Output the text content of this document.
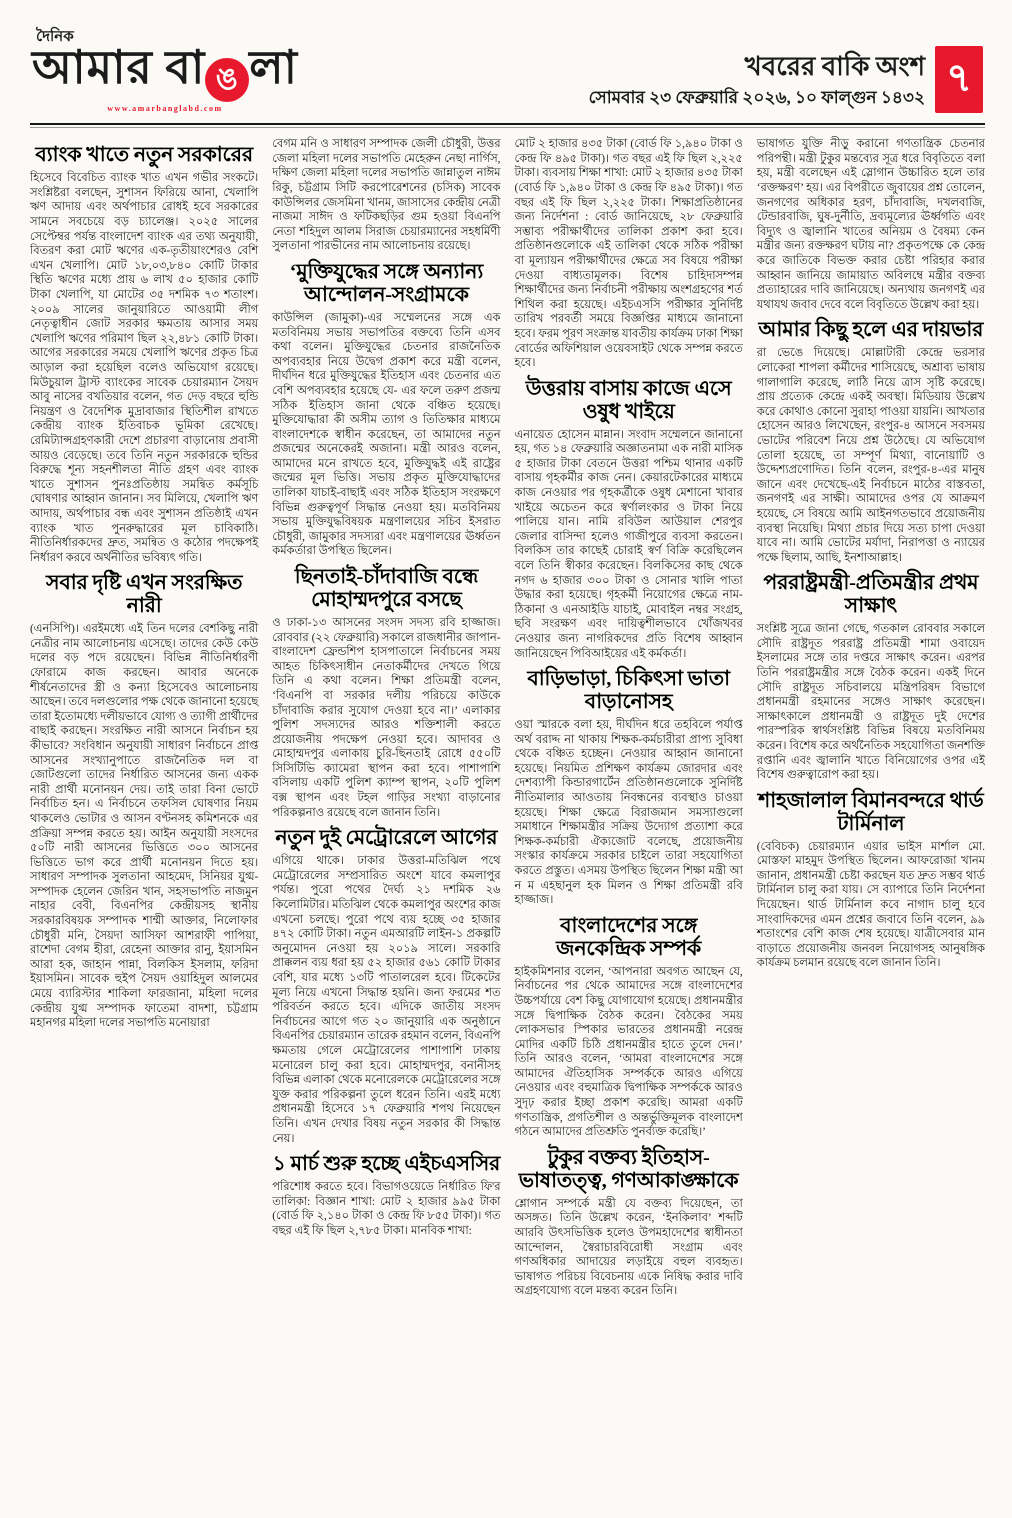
দৈনিক
আমার বা ঙ লা
www.amarbanglabd.com
খবরের বাকি অংশ
সোমবার ২৩ ফেব্রুয়ারি ২০২৬, ১০ ফাল্গুন ১৪৩২ ৭
ব্যাংক খাতে নতুন সরকারের
হিসেবে বিবেচিত ব্যাংক খাত এখন গভীর সংকটে। সংশ্লিষ্টরা বলছেন, সুশাসন ফিরিয়ে আনা, খেলাপি ঋণ আদায় এবং অর্থপাচার রোধই হবে সরকারের সামনে সবচেয়ে বড় চ্যালেঞ্জ। ২০২৫ সালের সেপ্টেম্বর পর্যন্ত বাংলাদেশ ব্যাংক এর তথ্য অনুযায়ী, বিতরণ করা মোট ঋণের এক-তৃতীয়াংশেরও বেশি এখন খেলাপি। মোট ১৮,০৩,৮৪০ কোটি টাকার স্থিতি ঋণের মধ্যে প্রায় ৬ লাখ ৫০ হাজার কোটি টাকা খেলাপি, যা মোটের ৩৫ দশমিক ৭৩ শতাংশ। ২০০৯ সালের জানুয়ারিতে আওয়ামী লীগ নেতৃত্বাধীন জোট সরকার ক্ষমতায় আসার সময় খেলাপি ঋণের পরিমাণ ছিল ২২,৪৮১ কোটি টাকা। আগের সরকারের সময়ে খেলাপি ঋণের প্রকৃত চিত্র আড়াল করা হয়েছিল বলেও অভিযোগ রয়েছে। মিউচুয়াল ট্রাস্ট ব্যাংকের সাবেক চেয়ারম্যান সৈয়দ আবু নাসের বখতিয়ার বলেন, গত দেড় বছরে হুন্ডি নিয়ন্ত্রণ ও বৈদেশিক মুদ্রাবাজার স্থিতিশীল রাখতে কেন্দ্রীয় ব্যাংক ইতিবাচক ভূমিকা রেখেছে। রেমিট্যান্সগ্রহণকারী দেশে প্রচারণা বাড়ানোয় প্রবাসী আয়ও বেড়েছে। তবে তিনি নতুন সরকারকে হুন্ডির বিরুদ্ধে শূন্য সহনশীলতা নীতি গ্রহণ এবং ব্যাংক খাতে সুশাসন পুনঃপ্রতিষ্ঠায় সমন্বিত কর্মসূচি ঘোষণার আহ্বান জানান। সব মিলিয়ে, খেলাপি ঋণ আদায়, অর্থপাচার বন্ধ এবং সুশাসন প্রতিষ্ঠাই এখন ব্যাংক খাত পুনরুদ্ধারের মূল চাবিকাঠি। নীতিনির্ধারকদের দ্রুত, সমন্বিত ও কঠোর পদক্ষেপই নির্ধারণ করবে অর্থনীতির ভবিষ্যৎ গতি।
সবার দৃষ্টি এখন সংরক্ষিত নারী
(এনসিপি)। এরইমধ্যে এই তিন দলের বেশকিছু নারী নেত্রীর নাম আলোচনায় এসেছে। তাদের কেউ কেউ দলের বড় পদে রয়েছেন। বিভিন্ন নীতিনির্ধারণী ফোরামে কাজ করছেন। আবার অনেকে শীর্ষনেতাদের স্ত্রী ও কন্যা হিসেবেও আলোচনায় আছেন। তবে দলগুলোর পক্ষ থেকে জানানো হয়েছে তারা ইতোমধ্যে দলীয়ভাবে যোগ্য ও ত্যাগী প্রার্থীদের বাছাই করছেন। সংরক্ষিত নারী আসনে নির্বাচন হয় কীভাবে? সংবিধান অনুযায়ী সাধারণ নির্বাচনে প্রাপ্ত আসনের সংখ্যানুপাতে রাজনৈতিক দল বা জোটগুলো তাদের নির্ধারিত আসনের জন্য একক নারী প্রার্থী মনোনয়ন দেয়। তাই তারা বিনা ভোটে নির্বাচিত হন। এ নির্বাচনে তফসিল ঘোষণার নিয়ম থাকলেও ভোটার ও আসন বণ্টনসহ কমিশনকে এর প্রক্রিয়া সম্পন্ন করতে হয়। আইন অনুযায়ী সংসদের ৫০টি নারী আসনের ভিত্তিতে ৩০০ আসনের ভিত্তিতে ভাগ করে প্রার্থী মনোনয়ন দিতে হয়। সাধারণ সম্পাদক সুলতানা আহমেদ, সিনিয়র যুগ্ম-সম্পাদক হেলেন জেরিন খান, সহসভাপতি নাজমুন নাহার বেবী, বিএনপির কেন্দ্রীয়সহ স্থানীয় সরকারবিষয়ক সম্পাদক শাম্মী আক্তার, নিলোফার চৌধুরী মনি, সৈয়দা আসিফা আশরাফী পাপিয়া, রাশেদা বেগম হীরা, রেহেনা আক্তার রানু, ইয়াসমিন আরা হক, জাহান পান্না, বিলকিস ইসলাম, ফরিদা ইয়াসমিন। সাবেক হুইপ সৈয়দ ওয়াহিদুল আলমের মেয়ে ব্যারিস্টার শাকিলা ফারজানা, মহিলা দলের কেন্দ্রীয় যুগ্ম সম্পাদক ফাতেমা বাদশা, চট্টগ্রাম মহানগর মহিলা দলের সভাপতি মনোয়ারা
বেগম মনি ও সাধারণ সম্পাদক জেলী চৌধুরী, উত্তর জেলা মহিলা দলের সভাপতি মেহেরুন নেছা নার্গিস, দক্ষিণ জেলা মহিলা দলের সভাপতি জান্নাতুল নাঈম রিকু, চট্টগ্রাম সিটি করপোরেশনের (চসিক) সাবেক কাউন্সিলর জেসমিনা খানম, জাসাসের কেন্দ্রীয় নেত্রী নাজমা সাঈদ ও ফটিকছড়ির গুম হওয়া বিএনপি নেতা শহিদুল আলম সিরাজ চেয়ারম্যানের সহধর্মিণী সুলতানা পারভীনের নাম আলোচনায় রয়েছে।
‘মুক্তিযুদ্ধের সঙ্গে অন্যান্য আন্দোলন-সংগ্রামকে
কাউন্সিল (জামুকা)-এর সম্মেলনের সঙ্গে এক মতবিনিময় সভায় সভাপতির বক্তব্যে তিনি এসব কথা বলেন। মুক্তিযুদ্ধের চেতনার রাজনৈতিক অপব্যবহার নিয়ে উদ্বেগ প্রকাশ করে মন্ত্রী বলেন, দীর্ঘদিন ধরে মুক্তিযুদ্ধের ইতিহাস এবং চেতনার এত বেশি অপব্যবহার হয়েছে যে- এর ফলে তরুণ প্রজন্ম সঠিক ইতিহাস জানা থেকে বঞ্চিত হয়েছে। মুক্তিযোদ্ধারা কী অসীম ত্যাগ ও তিতিক্ষার মাধ্যমে বাংলাদেশকে স্বাধীন করেছেন, তা আমাদের নতুন প্রজন্মের অনেকেরই অজানা। মন্ত্রী আরও বলেন, আমাদের মনে রাখতে হবে, মুক্তিযুদ্ধই এই রাষ্ট্রের জন্মের মূল ভিত্তি। সভায় প্রকৃত মুক্তিযোদ্ধাদের তালিকা যাচাই-বাছাই এবং সঠিক ইতিহাস সংরক্ষণে বিভিন্ন গুরুত্বপূর্ণ সিদ্ধান্ত নেওয়া হয়। মতবিনিময় সভায় মুক্তিযুদ্ধবিষয়ক মন্ত্রণালয়ের সচিব ইসরাত চৌধুরী, জামুকার সদস্যরা এবং মন্ত্রণালয়ের ঊর্ধ্বতন কর্মকর্তারা উপস্থিত ছিলেন।
ছিনতাই-চাঁদাবাজি বন্ধে মোহাম্মদপুরে বসছে
ও ঢাকা-১৩ আসনের সংসদ সদস্য রবি হাজ্জাজ। রোববার (২২ ফেব্রুয়ারি) সকালে রাজধানীর জাপান-বাংলাদেশ ফ্রেন্ডশিপ হাসপাতালে নির্বাচনের সময় আহত চিকিৎসাধীন নেতাকর্মীদের দেখতে গিয়ে তিনি এ কথা বলেন। শিক্ষা প্রতিমন্ত্রী বলেন, ‘বিএনপি বা সরকার দলীয় পরিচয়ে কাউকে চাঁদাবাজি করার সুযোগ দেওয়া হবে না।’ এলাকার পুলিশ সদস্যদের আরও শক্তিশালী করতে প্রয়োজনীয় পদক্ষেপ নেওয়া হবে। আদাবর ও মোহাম্মদপুর এলাকায় চুরি-ছিনতাই রোধে ৫৫০টি সিসিটিভি ক্যামেরা স্থাপন করা হবে। পাশাপাশি বসিলায় একটি পুলিশ ক্যাম্প স্থাপন, ২০টি পুলিশ বক্স স্থাপন এবং টহল গাড়ির সংখ্যা বাড়ানোর পরিকল্পনাও রয়েছে বলে জানান তিনি।
নতুন দুই মেট্রোরেলে আগের
এগিয়ে থাকে। ঢাকার উত্তরা-মতিঝিল পথে মেট্রোরেলের সম্প্রসারিত অংশে যাবে কমলাপুর পর্যন্ত। পুরো পথের দৈর্ঘ্য ২১ দশমিক ২৬ কিলোমিটার। মতিঝিল থেকে কমলাপুর অংশের কাজ এখনো চলছে। পুরো পথে ব্যয় হচ্ছে ৩৫ হাজার ৪৭২ কোটি টাকা। নতুন এমআরটি লাইন-১ প্রকল্পটি অনুমোদন নেওয়া হয় ২০১৯ সালে। সরকারি প্রাক্কলন ব্যয় ধরা হয় ৫২ হাজার ৫৬১ কোটি টাকার বেশি, যার মধ্যে ১৩টি পাতালরেল হবে। টিকেটের মূল্য নিয়ে এখনো সিদ্ধান্ত হয়নি। জন্য ফরমের শত পরিবর্তন করতে হবে। এদিকে জাতীয় সংসদ নির্বাচনের আগে গত ২০ জানুয়ারি এক অনুষ্ঠানে বিএনপির চেয়ারম্যান তারেক রহমান বলেন, বিএনপি ক্ষমতায় গেলে মেট্রোরেলের পাশাপাশি ঢাকায় মনোরেল চালু করা হবে। মোহাম্মদপুর, বনানীসহ বিভিন্ন এলাকা থেকে মনোরেলকে মেট্রোরেলের সঙ্গে যুক্ত করার পরিকল্পনা তুলে ধরেন তিনি। এরই মধ্যে প্রধানমন্ত্রী হিসেবে ১৭ ফেব্রুয়ারি শপথ নিয়েছেন তিনি। এখন দেখার বিষয় নতুন সরকার কী সিদ্ধান্ত নেয়।
১ মার্চ শুরু হচ্ছে এইচএসসির
পরিশোধ করতে হবে। বিভাগওয়েডে নির্ধারিত ফি'র তালিকা: বিজ্ঞান শাখা: মোট ২ হাজার ৯৯৫ টাকা (বোর্ড ফি ২,১৪০ টাকা ও কেন্দ্র ফি ৮৫৫ টাকা)। গত বছর এই ফি ছিল ২,৭৮৫ টাকা। মানবিক শাখা:
মোট ২ হাজার ৪৩৫ টাকা (বোর্ড ফি ১,৯৪০ টাকা ও কেন্দ্র ফি ৪৯৫ টাকা)। গত বছর এই ফি ছিল ২,২২৫ টাকা। ব্যবসায় শিক্ষা শাখা: মোট ২ হাজার ৪৩৫ টাকা (বোর্ড ফি ১,৯৪০ টাকা ও কেন্দ্র ফি ৪৯৫ টাকা)। গত বছর এই ফি ছিল ২,২২৫ টাকা। শিক্ষাপ্রতিষ্ঠানের জন্য নির্দেশনা : বোর্ড জানিয়েছে, ২৮ ফেব্রুয়ারি সম্ভাব্য পরীক্ষার্থীদের তালিকা প্রকাশ করা হবে। প্রতিষ্ঠানগুলোকে এই তালিকা থেকে সঠিক পরীক্ষা বা মূল্যায়ন পরীক্ষার্থীদের ক্ষেত্রে সব বিষয়ে পরীক্ষা দেওয়া বাধ্যতামূলক। বিশেষ চাহিদাসম্পন্ন শিক্ষার্থীদের জন্য নির্বাচনী পরীক্ষায় অংশগ্রহণের শর্ত শিথিল করা হয়েছে। এইচএসসি পরীক্ষার সুনির্দিষ্ট তারিখ পরবর্তী সময়ে বিজ্ঞপ্তির মাধ্যমে জানানো হবে। ফরম পূরণ সংক্রান্ত যাবতীয় কার্যক্রম ঢাকা শিক্ষা বোর্ডের অফিশিয়াল ওয়েবসাইট থেকে সম্পন্ন করতে হবে।
উত্তরায় বাসায় কাজে এসে ওষুধ খাইয়ে
এনায়েত হোসেন মান্নান। সংবাদ সম্মেলনে জানানো হয়, গত ১৪ ফেব্রুয়ারি অজ্ঞাতনামা এক নারী মাসিক ৫ হাজার টাকা বেতনে উত্তরা পশ্চিম থানার একটি বাসায় গৃহকর্মীর কাজ নেন। কেয়ারটেকারের মাধ্যমে কাজ নেওয়ার পর গৃহকর্ত্রীকে ওষুধ মেশানো খাবার খাইয়ে অচেতন করে স্বর্ণালংকার ও টাকা নিয়ে পালিয়ে যান। নামি রবিউল আউয়াল শেরপুর জেলার বাসিন্দা হলেও গাজীপুরে ব্যবসা করতেন। বিলকিস তার কাছেই চোরাই স্বর্ণ বিক্রি করেছিলেন বলে তিনি স্বীকার করেছেন। বিলকিসের কাছ থেকে নগদ ৬ হাজার ৩০০ টাকা ও সোনার খালি পাতা উদ্ধার করা হয়েছে। গৃহকর্মী নিয়োগের ক্ষেত্রে নাম-ঠিকানা ও এনআইডি যাচাই, মোবাইল নম্বর সংগ্রহ, ছবি সংরক্ষণ এবং দায়িত্বশীলভাবে খোঁজখবর নেওয়ার জন্য নাগরিকদের প্রতি বিশেষ আহ্বান জানিয়েছেন পিবিআইয়ের এই কর্মকর্তা।
বাড়িভাড়া, চিকিৎসা ভাতা বাড়ানোসহ
ওয়া স্মারকে বলা হয়, দীর্ঘদিন ধরে তহবিলে পর্যাপ্ত অর্থ বরাদ্দ না থাকায় শিক্ষক-কর্মচারীরা প্রাপ্য সুবিধা থেকে বঞ্চিত হচ্ছেন। নেওয়ার আহ্বান জানানো হয়েছে। নিয়মিত প্রশিক্ষণ কার্যক্রম জোরদার এবং দেশব্যাপী কিন্ডারগার্টেন প্রতিষ্ঠানগুলোকে সুনির্দিষ্ট নীতিমালার আওতায় নিবন্ধনের ব্যবস্থাও চাওয়া হয়েছে। শিক্ষা ক্ষেত্রে বিরাজমান সমস্যাগুলো সমাধানে শিক্ষামন্ত্রীর সক্রিয় উদ্যোগ প্রত্যাশা করে শিক্ষক-কর্মচারী ঐক্যজোট বলেছে, প্রয়োজনীয় সংস্কার কার্যক্রমে সরকার চাইলে তারা সহযোগিতা করতে প্রস্তুত। এসময় উপস্থিত ছিলেন শিক্ষা মন্ত্রী আ ন ম এহছানুল হক মিলন ও শিক্ষা প্রতিমন্ত্রী রবি হাজ্জাজ।
বাংলাদেশের সঙ্গে জনকেন্দ্রিক সম্পর্ক
হাইকমিশনার বলেন, ‘আপনারা অবগত আছেন যে, নির্বাচনের পর থেকে আমাদের সঙ্গে বাংলাদেশের উচ্চপর্যায়ে বেশ কিছু যোগাযোগ হয়েছে। প্রধানমন্ত্রীর সঙ্গে দ্বিপাক্ষিক বৈঠক করেন। বৈঠকের সময় লোকসভার স্পিকার ভারতের প্রধানমন্ত্রী নরেন্দ্র মোদির একটি চিঠি প্রধানমন্ত্রীর হাতে তুলে দেন।’ তিনি আরও বলেন, ‘আমরা বাংলাদেশের সঙ্গে আমাদের ঐতিহাসিক সম্পর্ককে আরও এগিয়ে নেওয়ার এবং বহুমাত্রিক দ্বিপাক্ষিক সম্পর্ককে আরও সুদৃঢ় করার ইচ্ছা প্রকাশ করেছি। আমরা একটি গণতান্ত্রিক, প্রগতিশীল ও অন্তর্ভুক্তিমূলক বাংলাদেশ গঠনে আমাদের প্রতিশ্রুতি পুনর্ব্যক্ত করেছি।’
টুকুর বক্তব্য ইতিহাস-ভাষাতত্ত্ব, গণআকাঙ্ক্ষাকে
শ্লোগান সম্পর্কে মন্ত্রী যে বক্তব্য দিয়েছেন, তা অসঙ্গত। তিনি উল্লেখ করেন, ‘ইনকিলাব’ শব্দটি আরবি উৎসভিত্তিক হলেও উপমহাদেশের স্বাধীনতা আন্দোলন, স্বৈরাচারবিরোধী সংগ্রাম এবং গণঅধিকার আদায়ের লড়াইয়ে বহুল ব্যবহৃত। ভাষাগত পরিচয় বিবেচনায় একে নিষিদ্ধ করার দাবি অগ্রহণযোগ্য বলে মন্তব্য করেন তিনি।
ভাষাগত যুক্তি নীড়ু করানো গণতান্ত্রিক চেতনার পরিপন্থী। মন্ত্রী টুকুর মন্তব্যের সূত্র ধরে বিবৃতিতে বলা হয়, মন্ত্রী বলেছেন এই স্লোগান উচ্চারিত হলে তার ‘রক্তক্ষরণ’ হয়। এর বিপরীতে জুবায়ের প্রশ্ন তোলেন, জনগণের অধিকার হরণ, চাঁদাবাজি, দখলবাজি, টেন্ডারবাজি, ঘুষ-দুর্নীতি, দ্রব্যমূল্যের ঊর্ধ্বগতি এবং বিদ্যুৎ ও জ্বালানি খাতের অনিয়ম ও বৈষম্য কেন মন্ত্রীর জন্য রক্তক্ষরণ ঘটায় না? প্রকৃতপক্ষে কে কেন্দ্র করে জাতিকে বিভক্ত করার চেষ্টা পরিহার করার আহ্বান জানিয়ে জামায়াত অবিলম্বে মন্ত্রীর বক্তব্য প্রত্যাহারের দাবি জানিয়েছে। অন্যথায় জনগণই এর যথাযথ জবাব দেবে বলে বিবৃতিতে উল্লেখ করা হয়।
আমার কিছু হলে এর দায়ভার
রা ভেঙে দিয়েছে। মোল্লাটারী কেন্দ্রে ভরসার লোকেরা শাপলা কর্মীদের শাসিয়েছে, অশ্রাব্য ভাষায় গালাগালি করেছে, লাঠি নিয়ে ত্রাস সৃষ্টি করেছে। প্রায় প্রত্যেক কেন্দ্রে একই অবস্থা। মিডিয়ায় উল্লেখ করে কোথাও কোনো সুরাহা পাওয়া যায়নি। আখতার হোসেন আরও লিখেছেন, রংপুর-৪ আসনে সবসময় ভোটের পরিবেশ নিয়ে প্রশ্ন উঠেছে। যে অভিযোগ তোলা হয়েছে, তা সম্পূর্ণ মিথ্যা, বানোয়াটি ও উদ্দেশ্যপ্রণোদিত। তিনি বলেন, রংপুর-৪-এর মানুষ জানে এবং দেখেছে-এই নির্বাচনে মাঠের বাস্তবতা, জনগণই এর সাক্ষী। আমাদের ওপর যে আক্রমণ হয়েছে, সে বিষয়ে আমি আইনগতভাবে প্রয়োজনীয় ব্যবস্থা নিয়েছি। মিথ্যা প্রচার দিয়ে সত্য চাপা দেওয়া যাবে না। আমি ভোটের মর্যাদা, নিরাপত্তা ও ন্যায়ের পক্ষে ছিলাম, আছি, ইনশাআল্লাহ।
পররাষ্ট্রমন্ত্রী-প্রতিমন্ত্রীর প্রথম সাক্ষাৎ
সংশ্লিষ্ট সূত্রে জানা গেছে, গতকাল রোববার সকালে সৌদি রাষ্ট্রদূত পররাষ্ট্র প্রতিমন্ত্রী শামা ওবায়েদ ইসলামের সঙ্গে তার দপ্তরে সাক্ষাৎ করেন। এরপর তিনি পররাষ্ট্রমন্ত্রীর সঙ্গে বৈঠক করেন। একই দিনে সৌদি রাষ্ট্রদূত সচিবালয়ে মন্ত্রিপরিষদ বিভাগে প্রধানমন্ত্রী রহমানের সঙ্গেও সাক্ষাৎ করেছেন। সাক্ষাৎকালে প্রধানমন্ত্রী ও রাষ্ট্রদূত দুই দেশের পারস্পরিক স্বার্থসংশ্লিষ্ট বিভিন্ন বিষয়ে মতবিনিময় করেন। বিশেষ করে অর্থনৈতিক সহযোগিতা জনশক্তি রপ্তানি এবং জ্বালানি খাতে বিনিয়োগের ওপর এই বিশেষ গুরুত্বারোপ করা হয়।
শাহজালাল বিমানবন্দরে থার্ড টার্মিনাল
(বেবিচক) চেয়ারম্যান এয়ার ভাইস মার্শাল মো. মোস্তফা মাহমুদ উপস্থিত ছিলেন। আফরোজা খানম জানান, প্রধানমন্ত্রী চেষ্টা করছেন যত দ্রুত সম্ভব থার্ড টার্মিনাল চালু করা যায়। সে ব্যাপারে তিনি নির্দেশনা দিয়েছেন। থার্ড টার্মিনাল কবে নাগাদ চালু হবে সাংবাদিকদের এমন প্রশ্নের জবাবে তিনি বলেন, ৯৯ শতাংশের বেশি কাজ শেষ হয়েছে। যাত্রীসেবার মান বাড়াতে প্রয়োজনীয় জনবল নিয়োগসহ আনুষঙ্গিক কার্যক্রম চলমান রয়েছে বলে জানান তিনি।
